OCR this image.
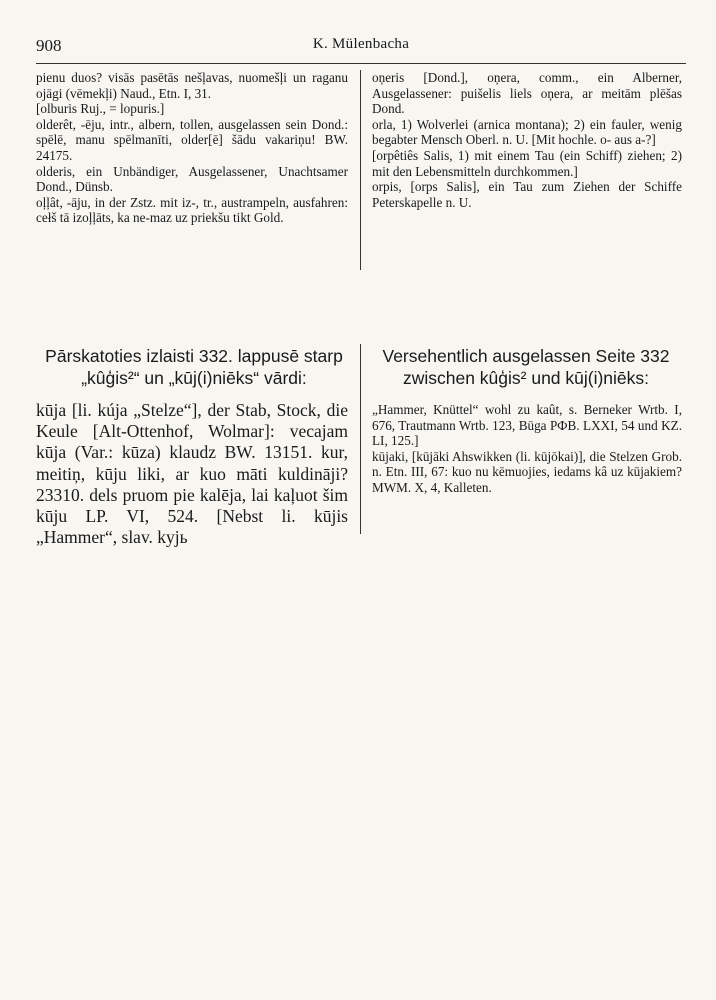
908	K. Mülenbacha

pienu duos? visās pasētās nešļavas, nuomešļi un raganu ojāgi (vēmekļi) Naud., Etn. I, 31.

[olburis Ruj., = lopuris.]

olderêt, -ēju, intr., albern, tollen, ausgelassen sein Dond.: spēlē, manu spēlmanīti, older[ē] šādu vakariņu! BW. 24175.

olderis, ein Unbändiger, Ausgelassener, Unachtsamer Dond., Dünsb.

oļļât, -āju, in der Zstz. mit iz-, tr., austrampeln, ausfahren: cełš tā izoļļāts, ka ne-maz uz priekšu tikt Gold.

oņeris [Dond.], oņera, comm., ein Alberner, Ausgelassener: puišelis liels oņera, ar meitām plēšas Dond.

orla, 1) Wolverlei (arnica montana); 2) ein fauler, wenig begabter Mensch Oberl. n. U. [Mit hochle. o- aus a-?]

[orpêtiês Salis, 1) mit einem Tau (ein Schiff) ziehen; 2) mit den Lebensmitteln durchkommen.]

orpis, [orps Salis], ein Tau zum Ziehen der Schiffe Peterskapelle n. U.

Pārskatoties izlaisti 332. lappusē starp
„kûģis²“ un „kūj(i)niēks“ vārdi:
Versehentlich ausgelassen Seite 332
zwischen kûģis² und kūj(i)niēks:

kūja [li. kúja „Stelze“], der Stab, Stock, die Keule [Alt-Ottenhof, Wolmar]: vecajam kūja (Var.: kūza) klaudz BW. 13151. kur, meitiņ, kūju liki, ar kuo māti kuldināji? 23310. dels pruom pie kalēja, lai kaļuot šim kūju LP. VI, 524. [Nebst li. kūjis „Hammer“, slav. kyjь

„Hammer, Knüttel“ wohl zu kaût, s. Berneker Wrtb. I, 676, Trautmann Wrtb. 123, Būga РФВ. LXXI, 54 und KZ. LI, 125.]

kūjaki, [kūjāki Ahswikken (li. kūjōkai)], die Stelzen Grob. n. Etn. III, 67: kuo nu kēmuojies, iedams kâ uz kūjakiem? MWM. X, 4, Kalleten.
